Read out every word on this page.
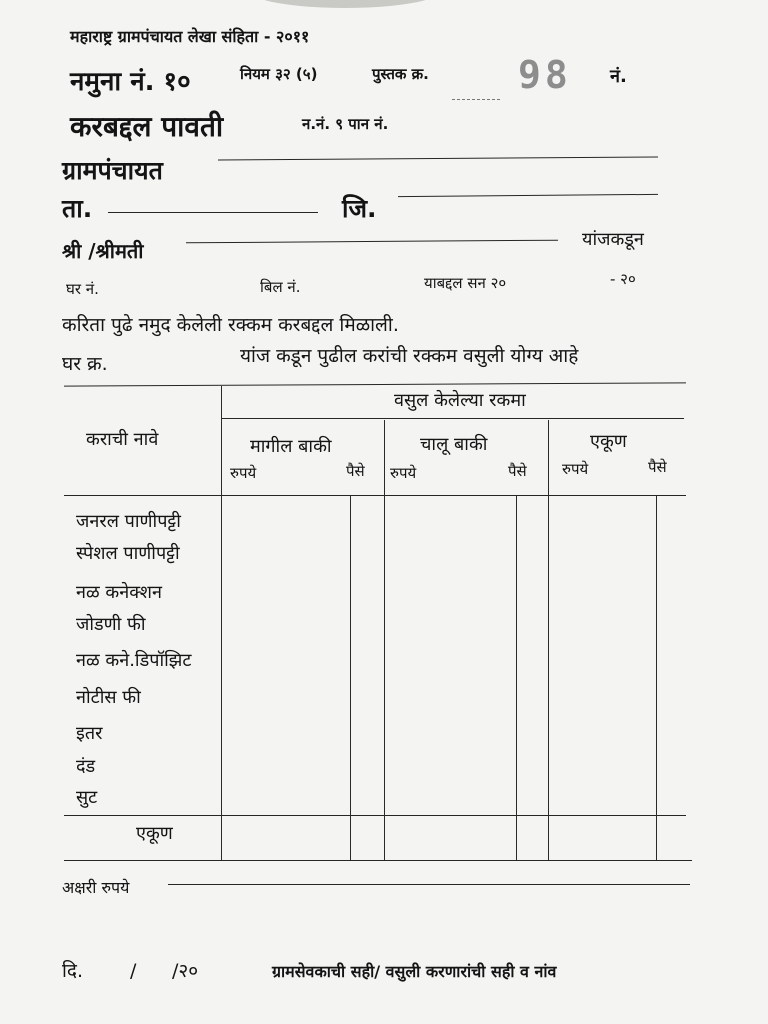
महाराष्ट्र ग्रामपंचायत लेखा संहिता - २०११
नमुना नं. १०	नियम ३२ (५)	पुस्तक क्र. 98 नं.
करबद्दल पावती	न.नं. ९ पान नं.
ग्रामपंचायत
ता.	जि.
श्री /श्रीमती	यांजकडून
घर नं.	बिल नं.	याबद्दल सन २०	- २०
करिता पुढे नमुद केलेली रक्कम करबद्दल मिळाली.
घर क्र.	यांज कडून पुढील करांची रक्कम वसुली योग्य आहे
कराची नावे
वसुल केलेल्या रकमा
मागील बाकी
रुपये	पैसे
चालू बाकी
रुपये	पैसे
एकूण
रुपये	पैसे
जनरल पाणीपट्टी
स्पेशल पाणीपट्टी
नळ कनेक्शन
जोडणी फी
नळ कने.डिपॉझिट
नोटीस फी
इतर
दंड
सुट
एकूण
अक्षरी रुपये
दि. / /२०	ग्रामसेवकाची सही/ वसुली करणारांची सही व नांव
